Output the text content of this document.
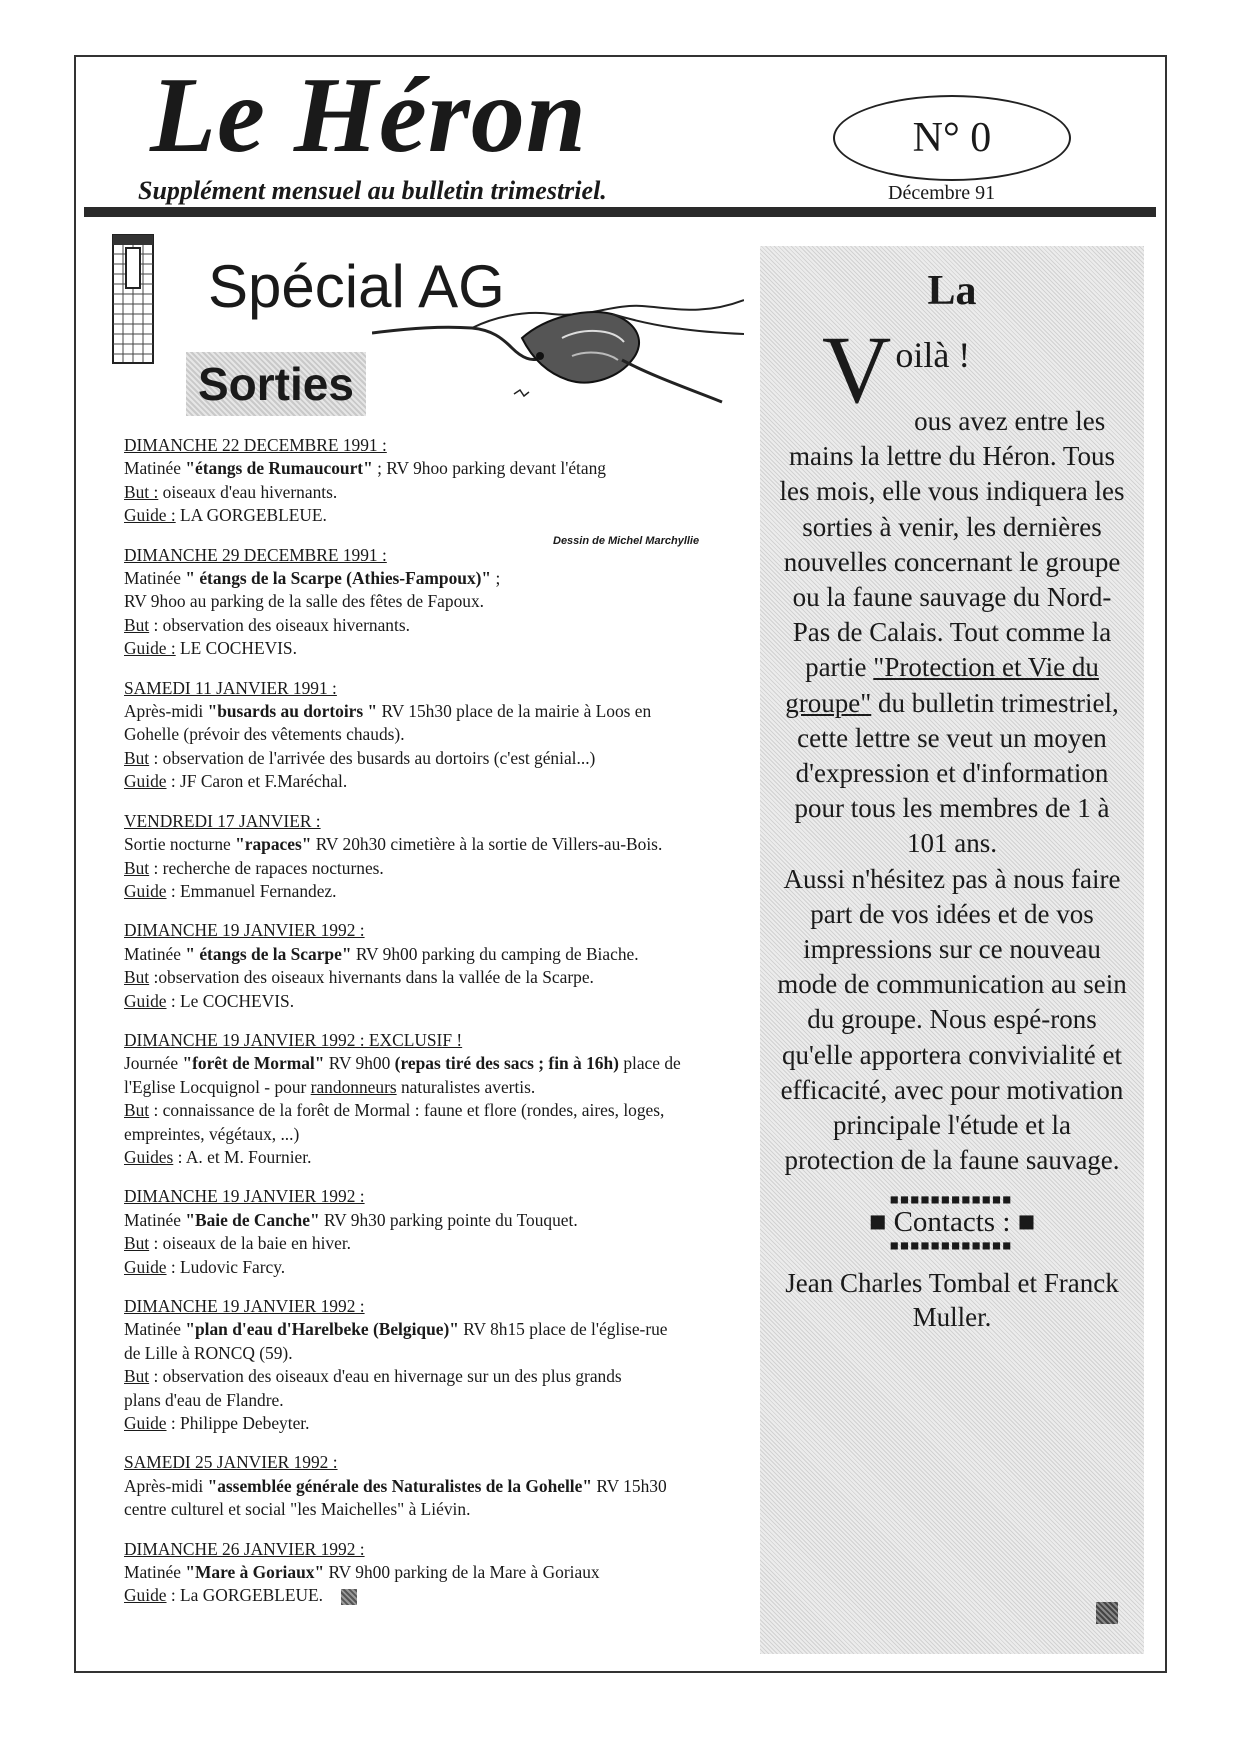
Le Héron
Supplément mensuel au bulletin trimestriel.
N° 0
Décembre 91
Spécial AG
Sorties
Dessin de Michel Marchyllie

DIMANCHE 22 DECEMBRE 1991 :

Matinée "étangs de Rumaucourt" ; RV 9hoo parking devant l'étang

But : oiseaux d'eau hivernants.

Guide : LA GORGEBLEUE.

DIMANCHE 29 DECEMBRE 1991 :

Matinée " étangs de la Scarpe (Athies-Fampoux)" ;

RV 9hoo au parking de la salle des fêtes de Fapoux.

But : observation des oiseaux hivernants.

Guide : LE COCHEVIS.

SAMEDI 11 JANVIER 1991 :

Après-midi "busards au dortoirs " RV 15h30 place de la mairie à Loos en

Gohelle (prévoir des vêtements chauds).

But : observation de l'arrivée des busards au dortoirs (c'est génial...)

Guide : JF Caron et F.Maréchal.

VENDREDI 17 JANVIER :

Sortie nocturne "rapaces" RV 20h30 cimetière à la sortie de Villers-au-Bois.

But : recherche de rapaces nocturnes.

Guide : Emmanuel Fernandez.

DIMANCHE 19 JANVIER 1992 :

Matinée " étangs de la Scarpe" RV 9h00 parking du camping de Biache.

But :observation des oiseaux hivernants dans la vallée de la Scarpe.

Guide : Le COCHEVIS.

DIMANCHE 19 JANVIER 1992 : EXCLUSIF !

Journée "forêt de Mormal" RV 9h00 (repas tiré des sacs ; fin à 16h) place de

l'Eglise Locquignol - pour randonneurs naturalistes avertis.

But : connaissance de la forêt de Mormal : faune et flore (rondes, aires, loges,

empreintes, végétaux, ...)

Guides : A. et M. Fournier.

DIMANCHE 19 JANVIER 1992 :

Matinée "Baie de Canche" RV 9h30 parking pointe du Touquet.

But : oiseaux de la baie en hiver.

Guide : Ludovic Farcy.

DIMANCHE 19 JANVIER 1992 :

Matinée "plan d'eau d'Harelbeke (Belgique)" RV 8h15 place de l'église-rue

de Lille à RONCQ (59).

But : observation des oiseaux d'eau en hivernage sur un des plus grands

plans d'eau de Flandre.

Guide : Philippe Debeyter.

SAMEDI 25 JANVIER 1992 :

Après-midi "assemblée générale des Naturalistes de la Gohelle" RV 15h30

centre culturel et social "les Maichelles" à Liévin.

DIMANCHE 26 JANVIER 1992 :

Matinée "Mare à Goriaux" RV 9h00 parking de la Mare à Goriaux

Guide : La GORGEBLEUE.

La
V oilà !
ous avez entre les mains la lettre du Héron. Tous les mois, elle vous indiquera les sorties à venir, les dernières nouvelles concernant le groupe ou la faune sauvage du Nord-Pas de Calais. Tout comme la partie "Protection et Vie du groupe" du bulletin trimestriel, cette lettre se veut un moyen d'expression et d'information pour tous les membres de 1 à 101 ans.
Aussi n'hésitez pas à nous faire part de vos idées et de vos impressions sur ce nouveau mode de communication au sein du groupe. Nous espé-rons qu'elle apportera convivialité et efficacité, avec pour motivation principale l'étude et la protection de la faune sauvage.
■■■■■■■■■■■■
■ Contacts : ■
■■■■■■■■■■■■
Jean Charles Tombal et Franck Muller.
